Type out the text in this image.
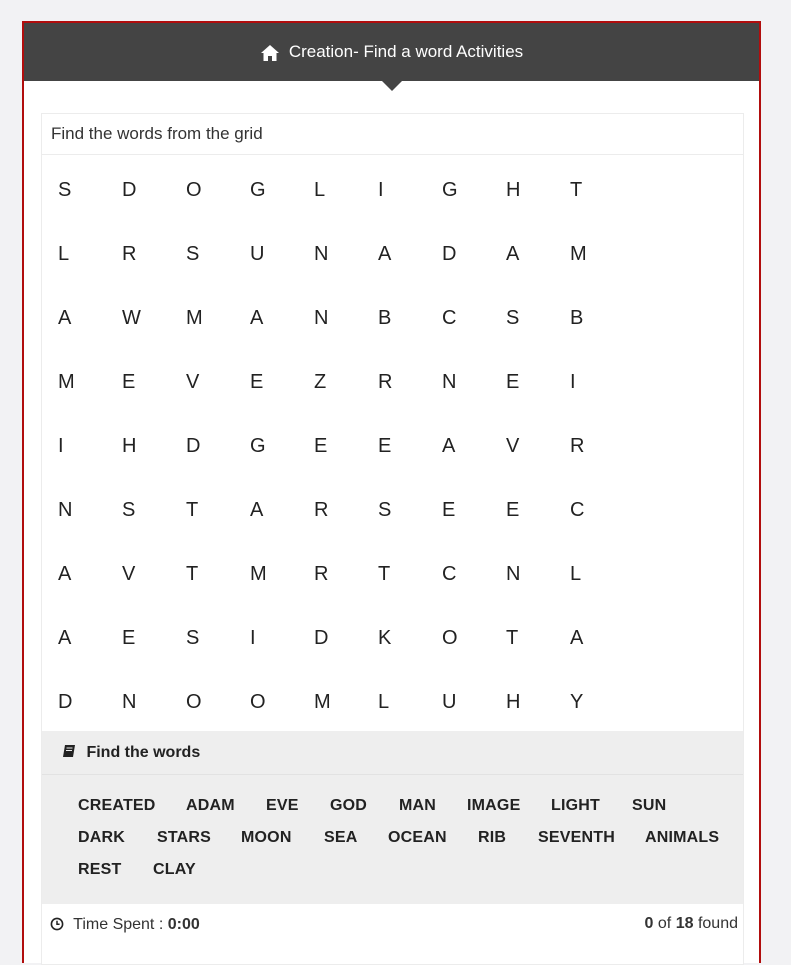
Creation- Find a word Activities
Find the words from the grid
S	D	O	G	L	I	G	H	T
L	R	S	U	N	A	D	A	M
A	W	M	A	N	B	C	S	B
M	E	V	E	Z	R	N	E	I
I	H	D	G	E	E	A	V	R
N	S	T	A	R	S	E	E	C
A	V	T	M	R	T	C	N	L
A	E	S	I	D	K	O	T	A
D	N	O	O	M	L	U	H	Y
Find the words
CREATED ADAM EVE GOD MAN IMAGE LIGHT SUN
DARK STARS MOON SEA OCEAN RIB SEVENTH ANIMALS
REST CLAY
Time Spent : 0:00	0 of 18 found
